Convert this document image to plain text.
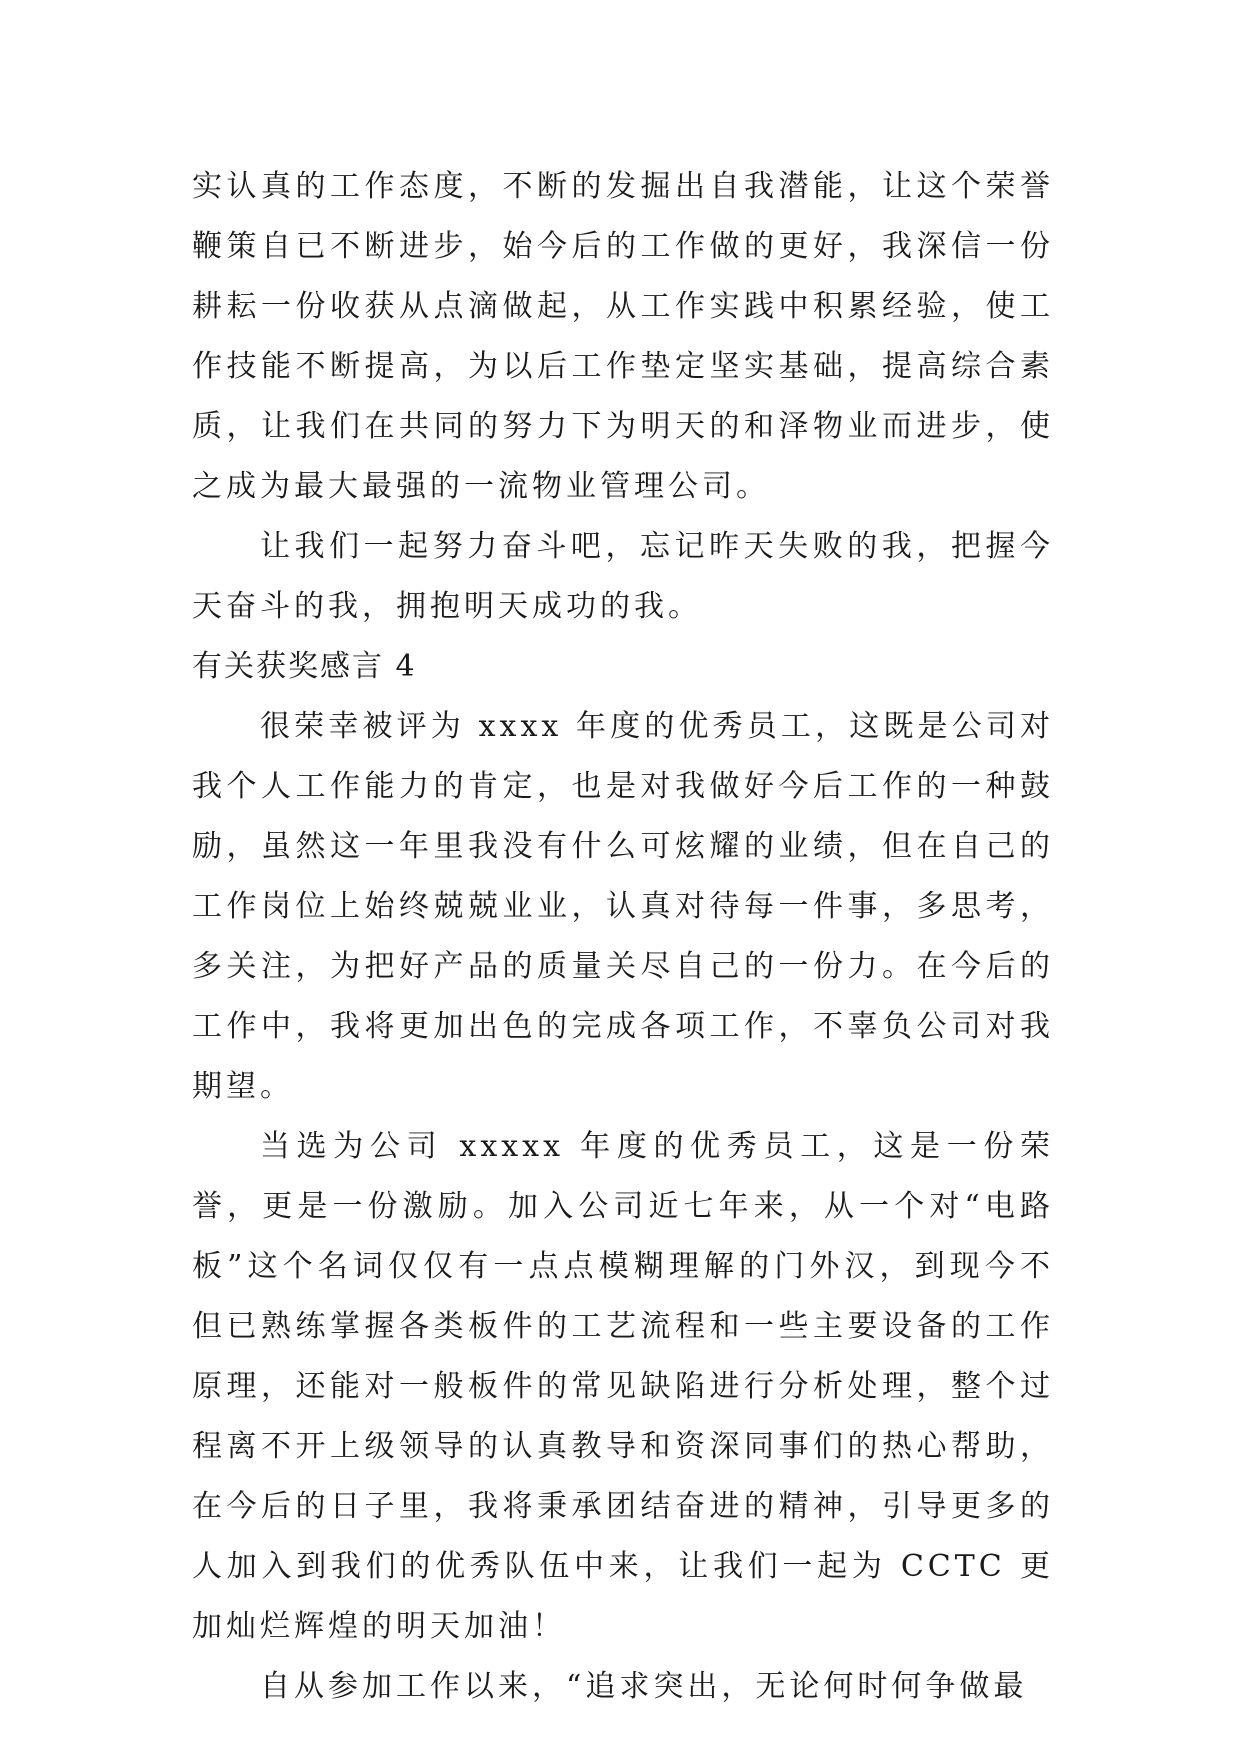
实认真的工作态度，不断的发掘出自我潜能，让这个荣誉鞭策自已不断进步，始今后的工作做的更好，我深信一份耕耘一份收获从点滴做起，从工作实践中积累经验，使工作技能不断提高，为以后工作垫定坚实基础，提高综合素质，让我们在共同的努力下为明天的和泽物业而进步，使之成为最大最强的一流物业管理公司。

让我们一起努力奋斗吧，忘记昨天失败的我，把握今天奋斗的我，拥抱明天成功的我。

有关获奖感言 4

很荣幸被评为 xxxx 年度的优秀员工，这既是公司对我个人工作能力的肯定，也是对我做好今后工作的一种鼓励，虽然这一年里我没有什么可炫耀的业绩，但在自己的工作岗位上始终兢兢业业，认真对待每一件事，多思考，多关注，为把好产品的质量关尽自己的一份力。在今后的工作中，我将更加出色的完成各项工作，不辜负公司对我期望。

当选为公司 xxxxx 年度的优秀员工，这是一份荣誉，更是一份激励。加入公司近七年来，从一个对“电路板”这个名词仅仅有一点点模糊理解的门外汉，到现今不但已熟练掌握各类板件的工艺流程和一些主要设备的工作原理，还能对一般板件的常见缺陷进行分析处理，整个过程离不开上级领导的认真教导和资深同事们的热心帮助，在今后的日子里，我将秉承团结奋进的精神，引导更多的人加入到我们的优秀队伍中来，让我们一起为 CCTC 更加灿烂辉煌的明天加油！

自从参加工作以来，“追求突出，无论何时何争做最
